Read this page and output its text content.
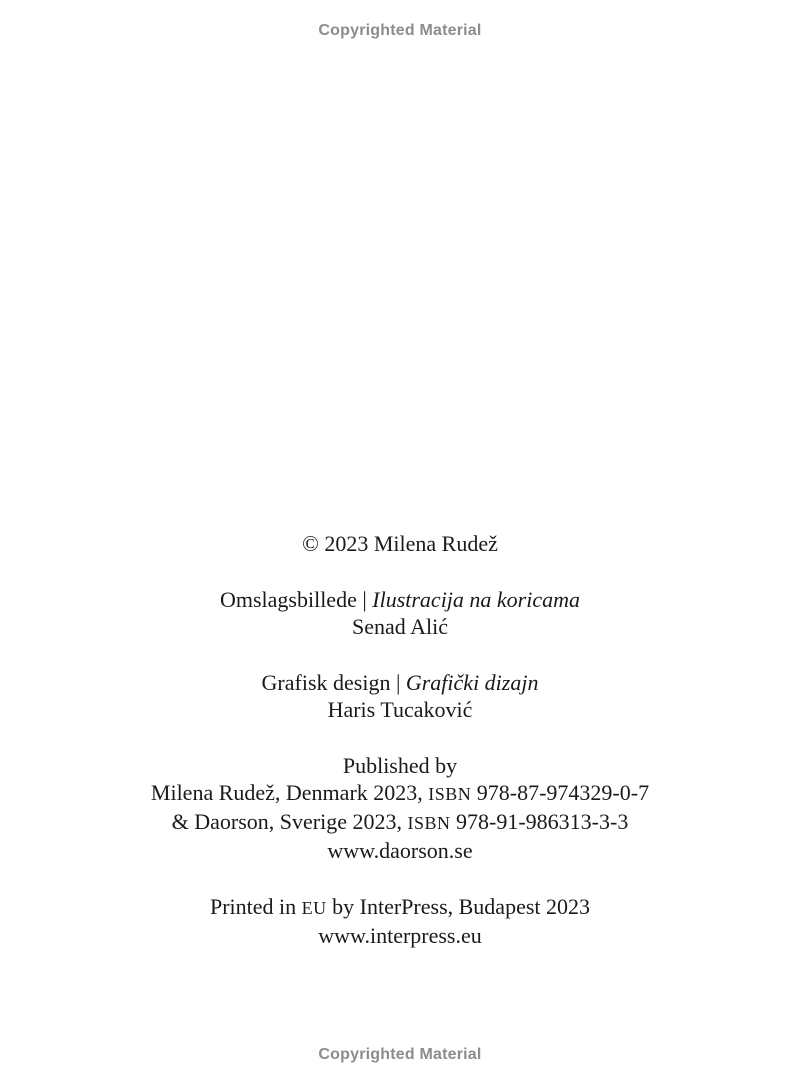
Copyrighted Material
© 2023 Milena Rudež
Omslagsbillede | Ilustracija na koricama
Senad Alić
Grafisk design | Grafički dizajn
Haris Tucaković
Published by
Milena Rudež, Denmark 2023, ISBN 978-87-974329-0-7
& Daorson, Sverige 2023, ISBN 978-91-986313-3-3
www.daorson.se
Printed in EU by InterPress, Budapest 2023
www.interpress.eu
Copyrighted Material
